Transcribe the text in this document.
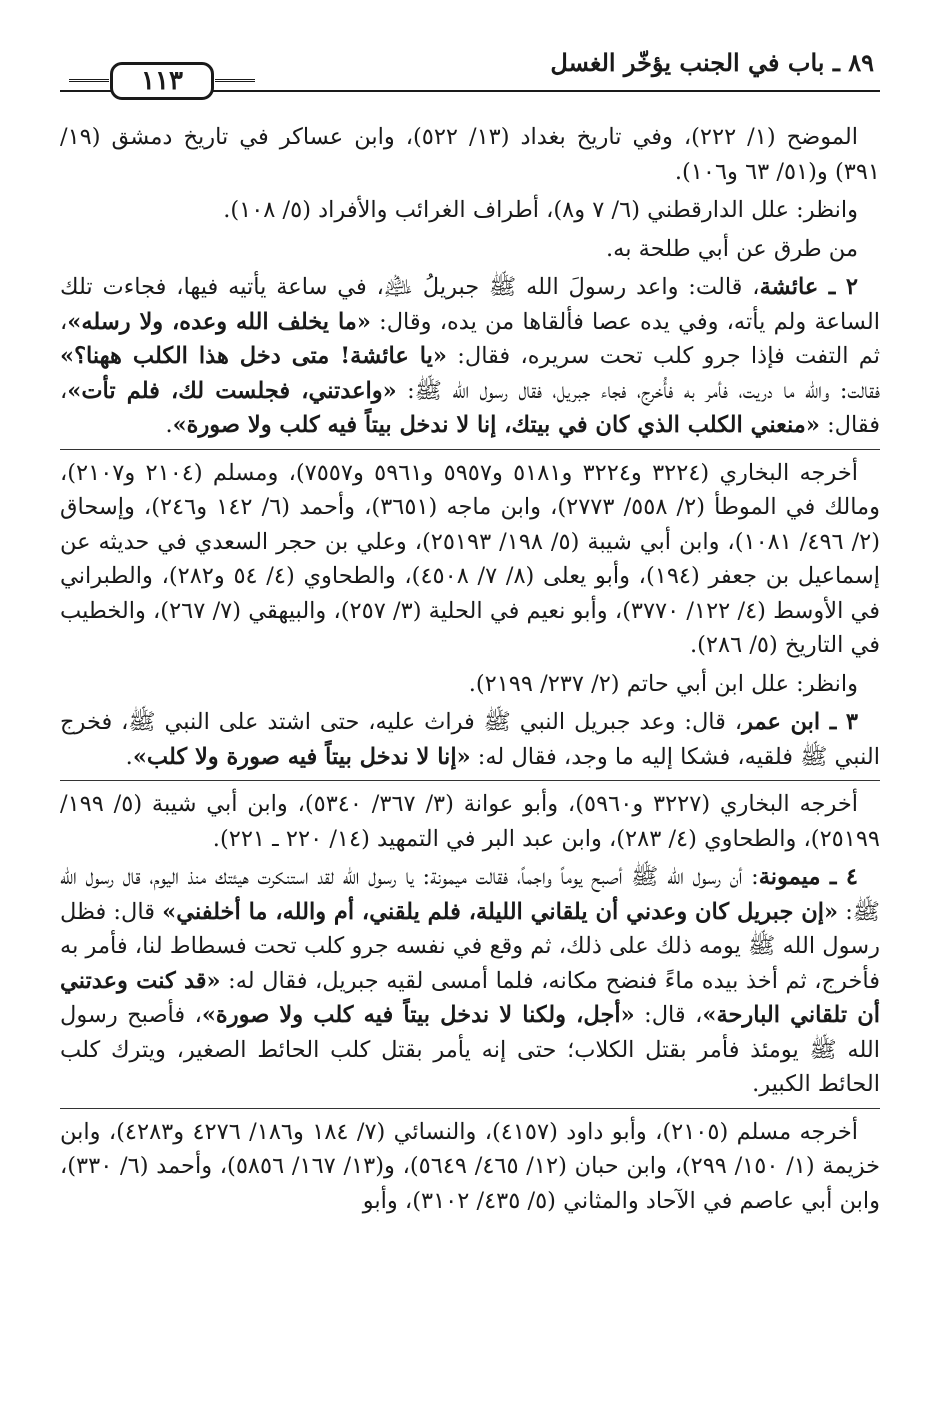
٨٩ ـ باب في الجنب يؤخّر الغسل
١١٣

الموضح (١/ ٢٢٢)، وفي تاريخ بغداد (١٣/ ٥٢٢)، وابن عساكر في تاريخ دمشق (١٩/ ٣٩١) و(٥١/ ٦٣ و١٠٦).

وانظر: علل الدارقطني (٦/ ٧ و٨)، أطراف الغرائب والأفراد (٥/ ١٠٨).

من طرق عن أبي طلحة به.

٢ ـ عائشة، قالت: واعد رسولَ الله ﷺ جبريلُ ﵇، في ساعة يأتيه فيها، فجاءت تلك الساعة ولم يأته، وفي يده عصا فألقاها من يده، وقال: «ما يخلف الله وعده، ولا رسله»، ثم التفت فإذا جرو كلب تحت سريره، فقال: «يا عائشة! متى دخل هذا الكلب ههنا؟» فقالت: والله ما دريت، فأمر به فأُخرج، فجاء جبريل، فقال رسول الله ﷺ: «واعدتني، فجلست لك، فلم تأت»، فقال: «منعني الكلب الذي كان في بيتك، إنا لا ندخل بيتاً فيه كلب ولا صورة».

أخرجه البخاري (٣٢٢٤ و٣٢٢٤ و٥١٨١ و٥٩٥٧ و٥٩٦١ و٧٥٥٧)، ومسلم (٢١٠٤ و٢١٠٧)، ومالك في الموطأ (٢/ ٥٥٨/ ٢٧٧٣)، وابن ماجه (٣٦٥١)، وأحمد (٦/ ١٤٢ و٢٤٦)، وإسحاق (٢/ ٤٩٦/ ١٠٨١)، وابن أبي شيبة (٥/ ١٩٨/ ٢٥١٩٣)، وعلي بن حجر السعدي في حديثه عن إسماعيل بن جعفر (١٩٤)، وأبو يعلى (٨/ ٧/ ٤٥٠٨)، والطحاوي (٤/ ٥٤ و٢٨٢)، والطبراني في الأوسط (٤/ ١٢٢/ ٣٧٧٠)، وأبو نعيم في الحلية (٣/ ٢٥٧)، والبيهقي (٧/ ٢٦٧)، والخطيب في التاريخ (٥/ ٢٨٦).

وانظر: علل ابن أبي حاتم (٢/ ٢٣٧/ ٢١٩٩).

٣ ـ ابن عمر، قال: وعد جبريل النبي ﷺ فراث عليه، حتى اشتد على النبي ﷺ، فخرج النبي ﷺ فلقيه، فشكا إليه ما وجد، فقال له: «إنا لا ندخل بيتاً فيه صورة ولا كلب».

أخرجه البخاري (٣٢٢٧ و٥٩٦٠)، وأبو عوانة (٣/ ٣٦٧/ ٥٣٤٠)، وابن أبي شيبة (٥/ ١٩٩/ ٢٥١٩٩)، والطحاوي (٤/ ٢٨٣)، وابن عبد البر في التمهيد (١٤/ ٢٢٠ ـ ٢٢١).

٤ ـ ميمونة: أن رسول الله ﷺ أصبح يوماً واجماً، فقالت ميمونة: يا رسول الله لقد استنكرت هيئتك منذ اليوم، قال رسول الله ﷺ: «إن جبريل كان وعدني أن يلقاني الليلة، فلم يلقني، أم والله، ما أخلفني» قال: فظل رسول الله ﷺ يومه ذلك على ذلك، ثم وقع في نفسه جرو كلب تحت فسطاط لنا، فأمر به فأخرج، ثم أخذ بيده ماءً فنضح مكانه، فلما أمسى لقيه جبريل، فقال له: «قد كنت وعدتني أن تلقاني البارحة»، قال: «أجل، ولكنا لا ندخل بيتاً فيه كلب ولا صورة»، فأصبح رسول الله ﷺ يومئذ فأمر بقتل الكلاب؛ حتى إنه يأمر بقتل كلب الحائط الصغير، ويترك كلب الحائط الكبير.

أخرجه مسلم (٢١٠٥)، وأبو داود (٤١٥٧)، والنسائي (٧/ ١٨٤ و١٨٦/ ٤٢٧٦ و٤٢٨٣)، وابن خزيمة (١/ ١٥٠/ ٢٩٩)، وابن حبان (١٢/ ٤٦٥/ ٥٦٤٩)، و(١٣/ ١٦٧/ ٥٨٥٦)، وأحمد (٦/ ٣٣٠)، وابن أبي عاصم في الآحاد والمثاني (٥/ ٤٣٥/ ٣١٠٢)، وأبو
